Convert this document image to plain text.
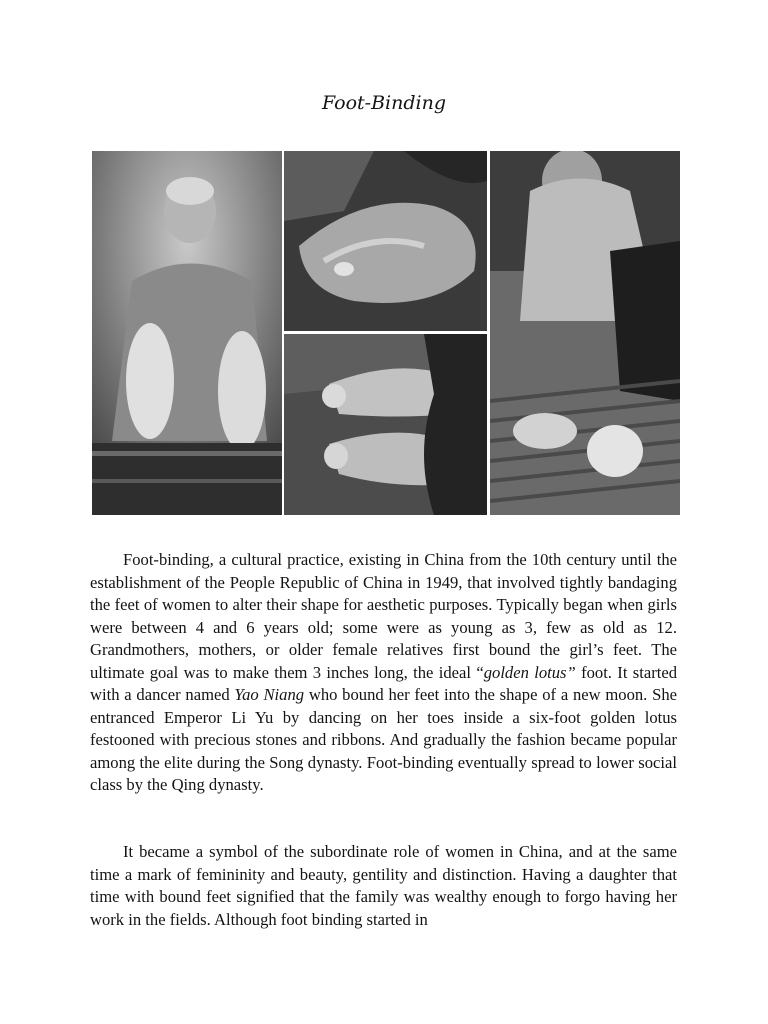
Foot-Binding

Foot-binding, a cultural practice, existing in China from the 10th century until the establishment of the People Republic of China in 1949, that involved tightly bandaging the feet of women to alter their shape for aesthetic purposes. Typically began when girls were between 4 and 6 years old; some were as young as 3, few as old as 12. Grandmothers, mothers, or older female relatives first bound the girl’s feet. The ultimate goal was to make them 3 inches long, the ideal “golden lotus” foot. It started with a dancer named Yao Niang who bound her feet into the shape of a new moon. She entranced Emperor Li Yu by dancing on her toes inside a six-foot golden lotus festooned with precious stones and ribbons. And gradually the fashion became popular among the elite during the Song dynasty. Foot-binding eventually spread to lower social class by the Qing dynasty.

It became a symbol of the subordinate role of women in China, and at the same time a mark of femininity and beauty, gentility and distinction. Having a daughter that time with bound feet signified that the family was wealthy enough to forgo having her work in the fields. Although foot binding started in
